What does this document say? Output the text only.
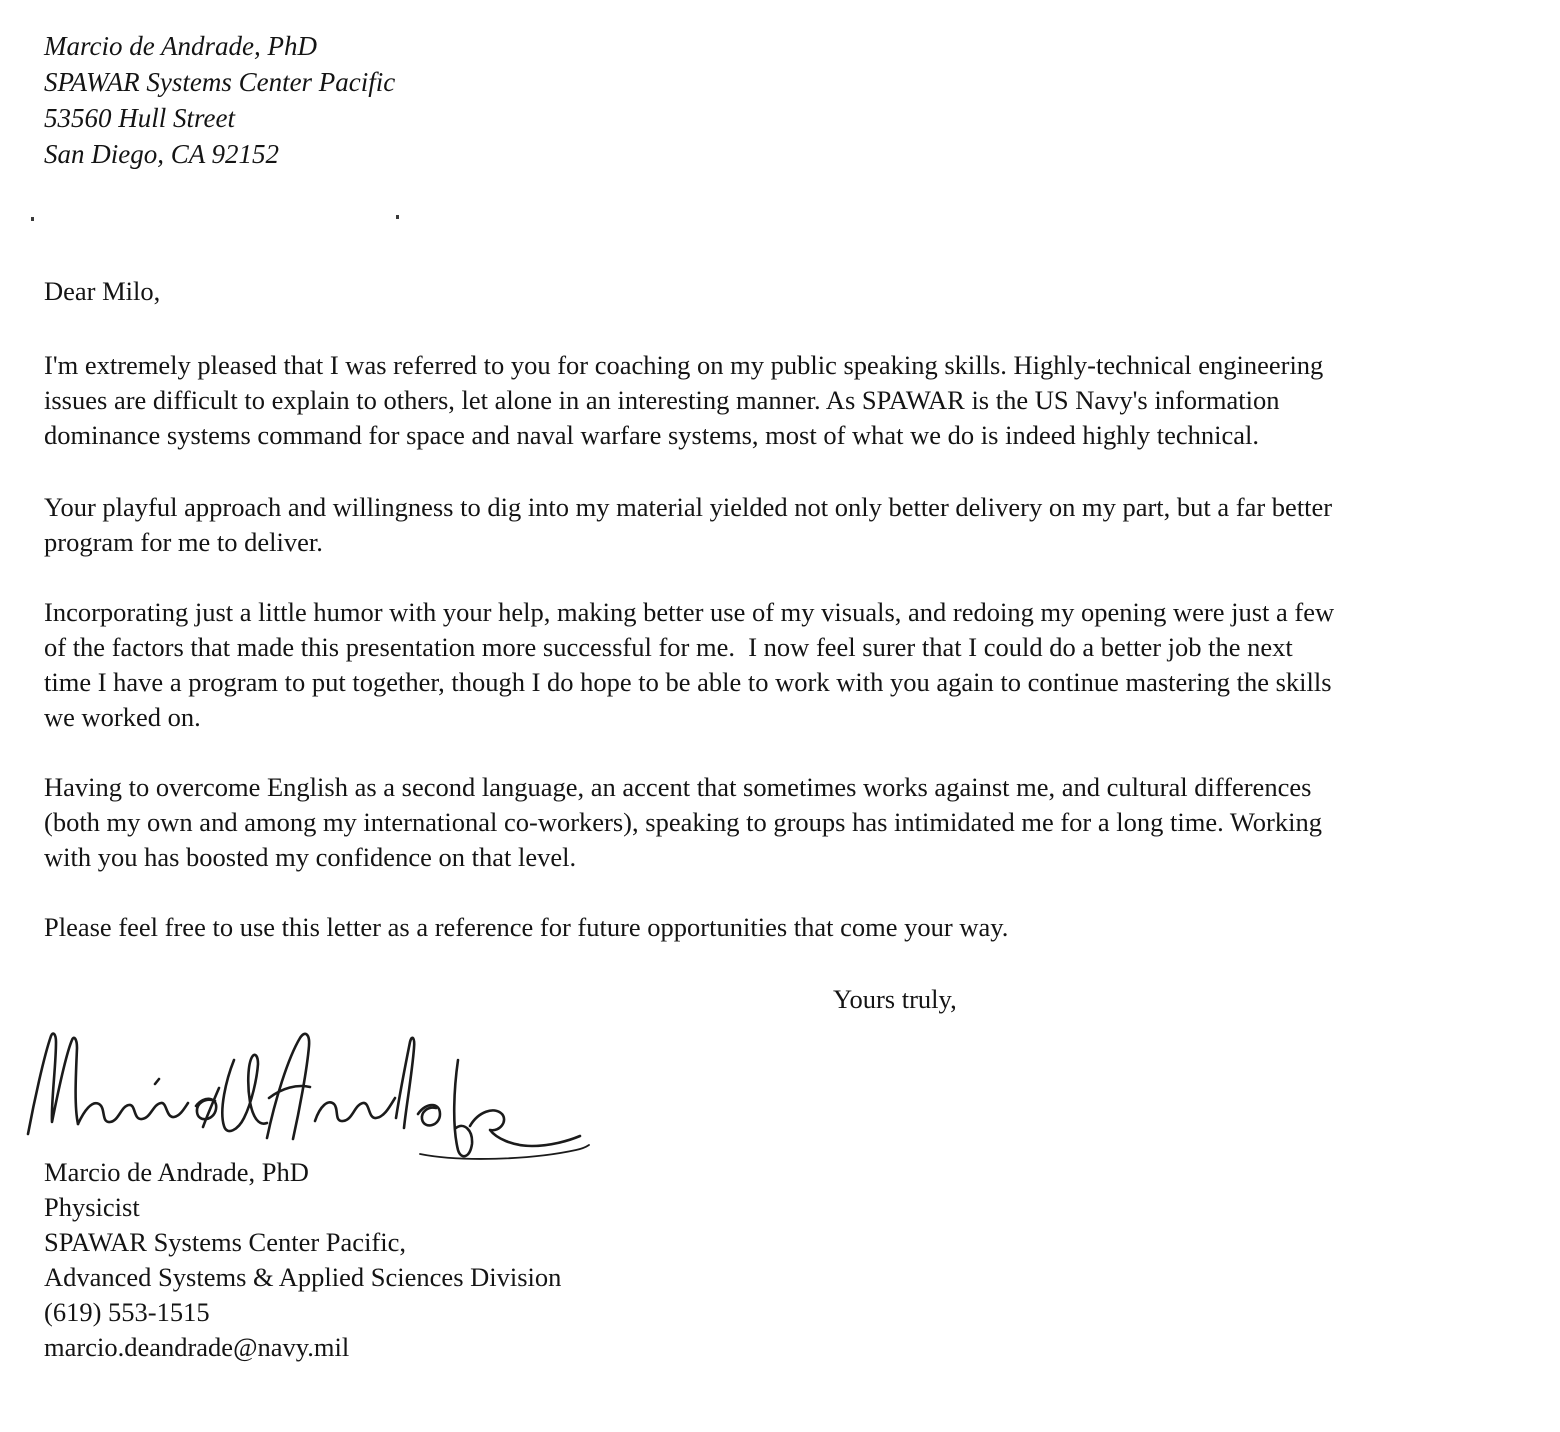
Marcio de Andrade, PhD
SPAWAR Systems Center Pacific
53560 Hull Street
San Diego, CA 92152
Dear Milo,
I'm extremely pleased that I was referred to you for coaching on my public speaking skills. Highly-technical engineering
issues are difficult to explain to others, let alone in an interesting manner. As SPAWAR is the US Navy's information
dominance systems command for space and naval warfare systems, most of what we do is indeed highly technical.
Your playful approach and willingness to dig into my material yielded not only better delivery on my part, but a far better
program for me to deliver.
Incorporating just a little humor with your help, making better use of my visuals, and redoing my opening were just a few
of the factors that made this presentation more successful for me.  I now feel surer that I could do a better job the next
time I have a program to put together, though I do hope to be able to work with you again to continue mastering the skills
we worked on.
Having to overcome English as a second language, an accent that sometimes works against me, and cultural differences
(both my own and among my international co-workers), speaking to groups has intimidated me for a long time. Working
with you has boosted my confidence on that level.
Please feel free to use this letter as a reference for future opportunities that come your way.
Yours truly,
Marcio de Andrade, PhD
Physicist
SPAWAR Systems Center Pacific,
Advanced Systems & Applied Sciences Division
(619) 553-1515
marcio.deandrade@navy.mil
